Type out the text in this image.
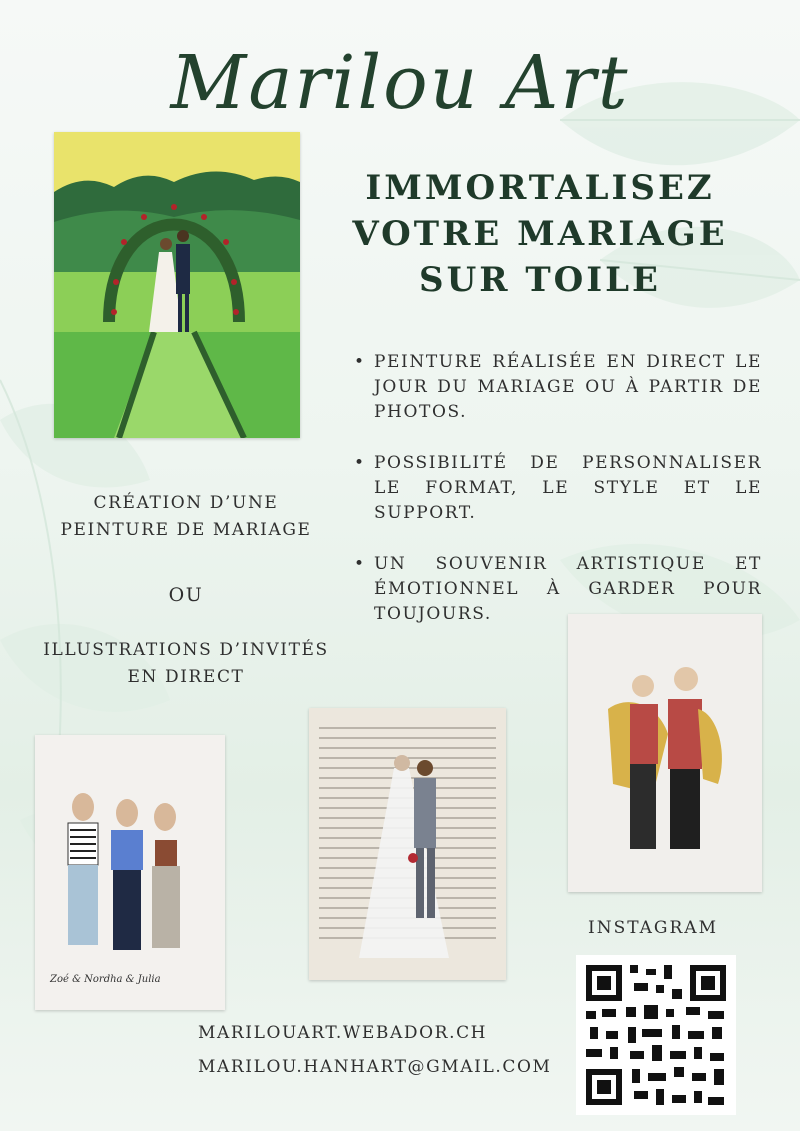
Marilou Art
IMMORTALISEZ
VOTRE MARIAGE
SUR TOILE
• PEINTURE RÉALISÉE EN DIRECT LE JOUR DU MARIAGE OU À PARTIR DE PHOTOS.
• POSSIBILITÉ DE PERSONNALISER LE FORMAT, LE STYLE ET LE SUPPORT.
• UN SOUVENIR ARTISTIQUE ET ÉMOTIONNEL À GARDER POUR TOUJOURS.
CRÉATION D’UNE
PEINTURE DE MARIAGE
OU
ILLUSTRATIONS D’INVITÉS
EN DIRECT
Zoé & Nordha & Julia
MARILOUART.WEBADOR.CH
MARILOU.HANHART@GMAIL.COM
INSTAGRAM
